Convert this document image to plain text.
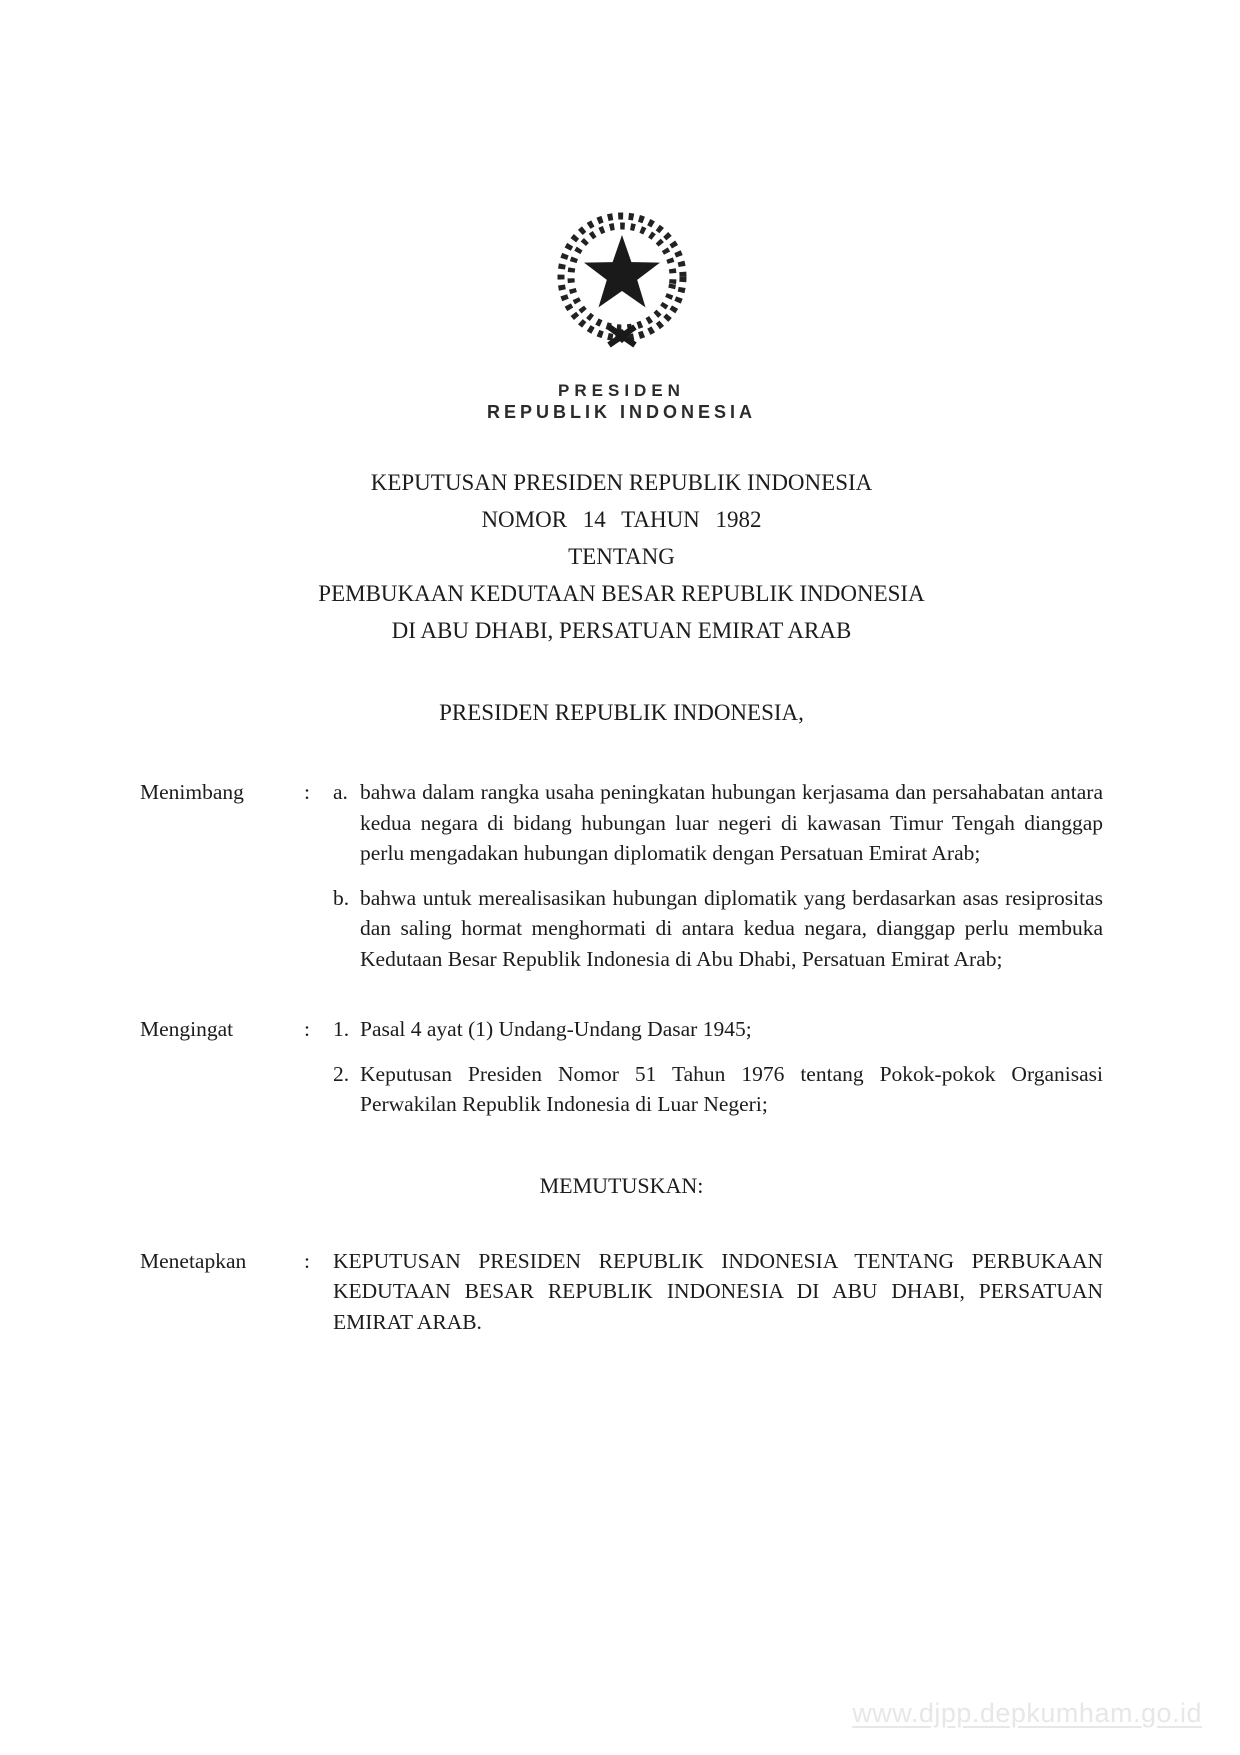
PRESIDEN
REPUBLIK INDONESIA
KEPUTUSAN PRESIDEN REPUBLIK INDONESIA
NOMOR 14 TAHUN 1982
TENTANG
PEMBUKAAN KEDUTAAN BESAR REPUBLIK INDONESIA
DI ABU DHABI, PERSATUAN EMIRAT ARAB
PRESIDEN REPUBLIK INDONESIA,
Menimbang	:	a. bahwa dalam rangka usaha peningkatan hubungan kerjasama dan persahabatan antara kedua negara di bidang hubungan luar negeri di kawasan Timur Tengah dianggap perlu mengadakan hubungan diplomatik dengan Persatuan Emirat Arab;
b. bahwa untuk merealisasikan hubungan diplomatik yang berdasarkan asas resiprositas dan saling hormat menghormati di antara kedua negara, dianggap perlu membuka Kedutaan Besar Republik Indonesia di Abu Dhabi, Persatuan Emirat Arab;
Mengingat	:	1. Pasal 4 ayat (1) Undang-Undang Dasar 1945;
2. Keputusan Presiden Nomor 51 Tahun 1976 tentang Pokok-pokok Organisasi Perwakilan Republik Indonesia di Luar Negeri;
MEMUTUSKAN:
Menetapkan	:	KEPUTUSAN PRESIDEN REPUBLIK INDONESIA TENTANG PERBUKAAN KEDUTAAN BESAR REPUBLIK INDONESIA DI ABU DHABI, PERSATUAN EMIRAT ARAB.
www.djpp.depkumham.go.id
